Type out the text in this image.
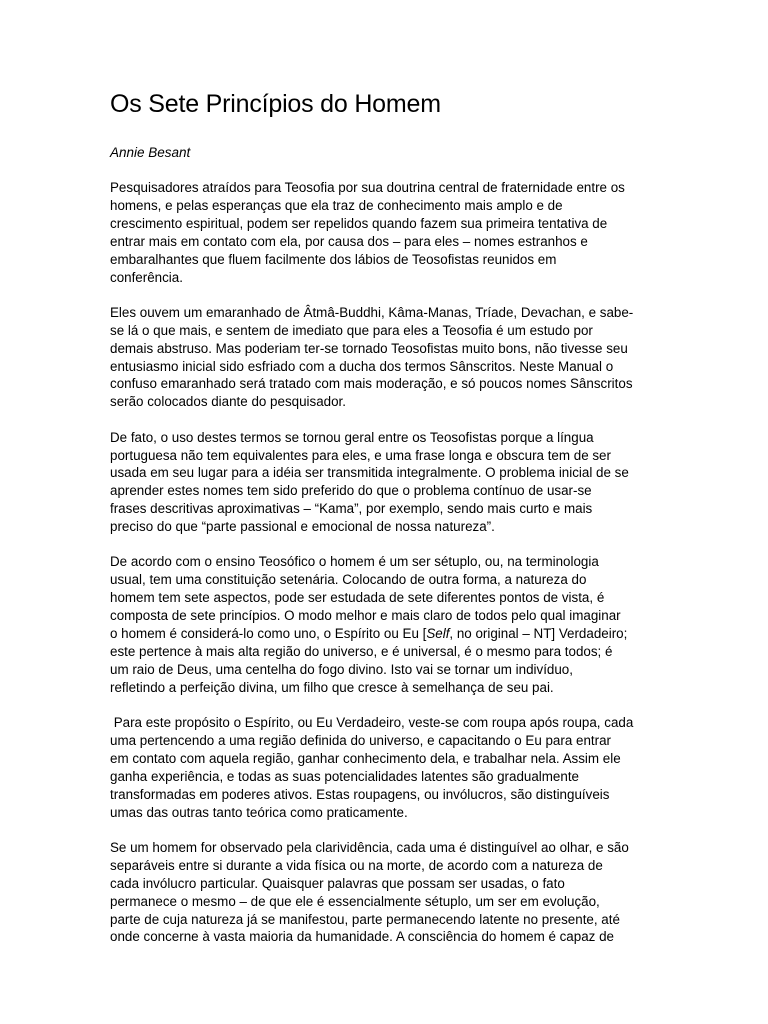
Os Sete Princípios do Homem
Annie Besant
Pesquisadores atraídos para Teosofia por sua doutrina central de fraternidade entre os
homens, e pelas esperanças que ela traz de conhecimento mais amplo e de
crescimento espiritual, podem ser repelidos quando fazem sua primeira tentativa de
entrar mais em contato com ela, por causa dos – para eles – nomes estranhos e
embaralhantes que fluem facilmente dos lábios de Teosofistas reunidos em
conferência.
Eles ouvem um emaranhado de Âtmâ-Buddhi, Kâma-Manas, Tríade, Devachan, e sabe-
se lá o que mais, e sentem de imediato que para eles a Teosofia é um estudo por
demais abstruso. Mas poderiam ter-se tornado Teosofistas muito bons, não tivesse seu
entusiasmo inicial sido esfriado com a ducha dos termos Sânscritos. Neste Manual o
confuso emaranhado será tratado com mais moderação, e só poucos nomes Sânscritos
serão colocados diante do pesquisador.
De fato, o uso destes termos se tornou geral entre os Teosofistas porque a língua
portuguesa não tem equivalentes para eles, e uma frase longa e obscura tem de ser
usada em seu lugar para a idéia ser transmitida integralmente. O problema inicial de se
aprender estes nomes tem sido preferido do que o problema contínuo de usar-se
frases descritivas aproximativas – “Kama”, por exemplo, sendo mais curto e mais
preciso do que “parte passional e emocional de nossa natureza”.
De acordo com o ensino Teosófico o homem é um ser sétuplo, ou, na terminologia
usual, tem uma constituição setenária. Colocando de outra forma, a natureza do
homem tem sete aspectos, pode ser estudada de sete diferentes pontos de vista, é
composta de sete princípios. O modo melhor e mais claro de todos pelo qual imaginar
o homem é considerá-lo como uno, o Espírito ou Eu [Self, no original – NT] Verdadeiro;
este pertence à mais alta região do universo, e é universal, é o mesmo para todos; é
um raio de Deus, uma centelha do fogo divino. Isto vai se tornar um indivíduo,
refletindo a perfeição divina, um filho que cresce à semelhança de seu pai.
Para este propósito o Espírito, ou Eu Verdadeiro, veste-se com roupa após roupa, cada
uma pertencendo a uma região definida do universo, e capacitando o Eu para entrar
em contato com aquela região, ganhar conhecimento dela, e trabalhar nela. Assim ele
ganha experiência, e todas as suas potencialidades latentes são gradualmente
transformadas em poderes ativos. Estas roupagens, ou invólucros, são distinguíveis
umas das outras tanto teórica como praticamente.
Se um homem for observado pela clarividência, cada uma é distinguível ao olhar, e são
separáveis entre si durante a vida física ou na morte, de acordo com a natureza de
cada invólucro particular. Quaisquer palavras que possam ser usadas, o fato
permanece o mesmo – de que ele é essencialmente sétuplo, um ser em evolução,
parte de cuja natureza já se manifestou, parte permanecendo latente no presente, até
onde concerne à vasta maioria da humanidade. A consciência do homem é capaz de
